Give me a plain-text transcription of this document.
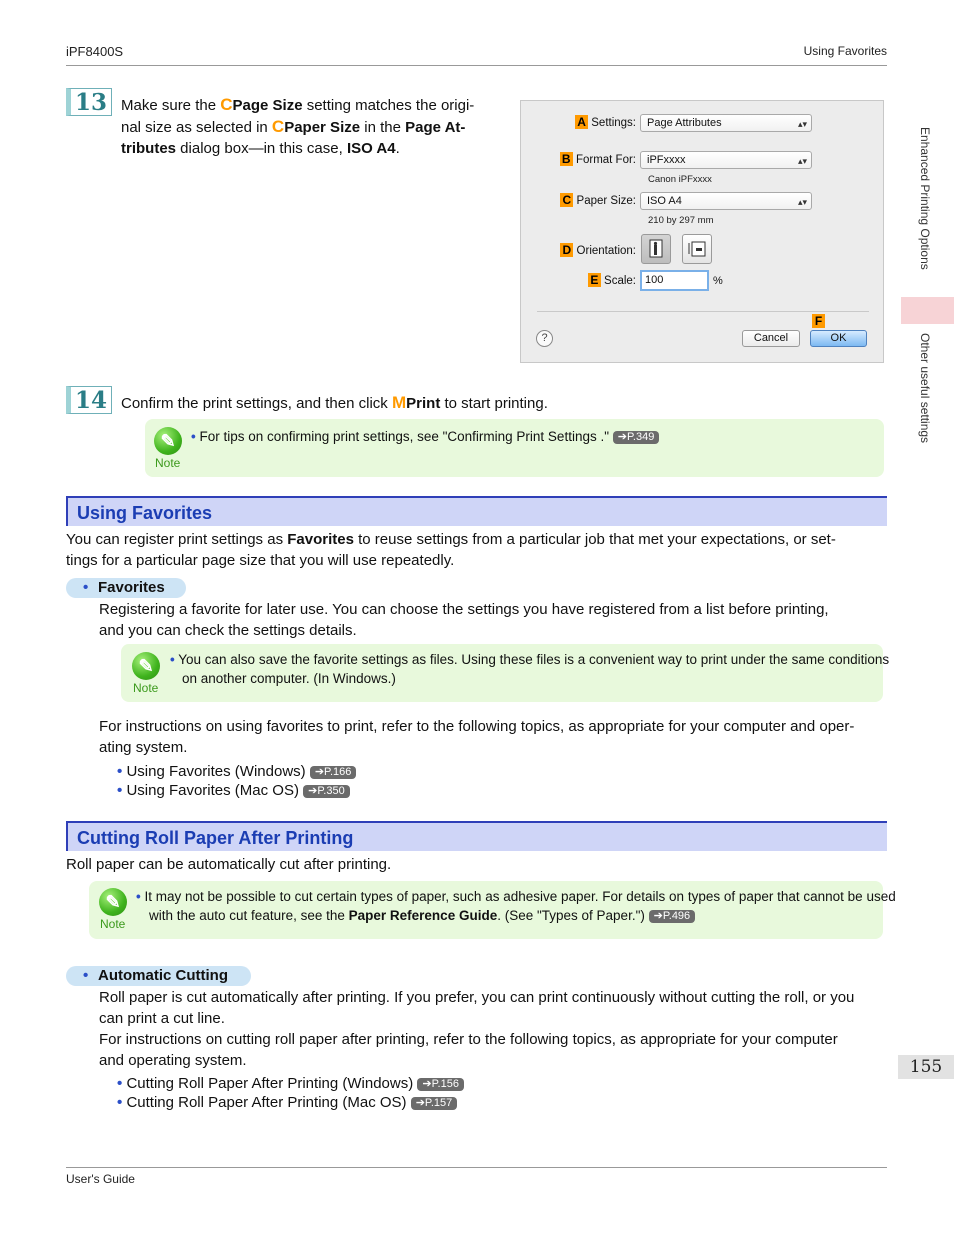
iPF8400S	Using Favorites
Enhanced Printing Options
Other useful settings
155
13 Make sure the CPage Size setting matches the origi-
nal size as selected in CPaper Size in the Page At-
tributes dialog box—in this case, ISO A4.
A Settings:	Page Attributes	▴▾
B Format For:	iPFxxxx	▴▾
Canon iPFxxxx
C Paper Size:	ISO A4	▴▾
210 by 297 mm
D Orientation:
E Scale: 100	%
F
?	Cancel	OK
14 Confirm the print settings, and then click MPrint to start printing.
✎
Note
• For tips on confirming print settings, see "Confirming Print Settings ." ➔P.349
Using Favorites
You can register print settings as Favorites to reuse settings from a particular job that met your expectations, or set-
tings for a particular page size that you will use repeatedly.
• Favorites
Registering a favorite for later use. You can choose the settings you have registered from a list before printing,
and you can check the settings details.
✎
Note
• You can also save the favorite settings as files. Using these files is a convenient way to print under the same conditions
on another computer. (In Windows.)
For instructions on using favorites to print, refer to the following topics, as appropriate for your computer and oper-
ating system.
• Using Favorites (Windows) ➔P.166
• Using Favorites (Mac OS) ➔P.350
Cutting Roll Paper After Printing
Roll paper can be automatically cut after printing.
✎
Note
• It may not be possible to cut certain types of paper, such as adhesive paper. For details on types of paper that cannot be used
with the auto cut feature, see the Paper Reference Guide. (See "Types of Paper.") ➔P.496
• Automatic Cutting
Roll paper is cut automatically after printing. If you prefer, you can print continuously without cutting the roll, or you
can print a cut line.
For instructions on cutting roll paper after printing, refer to the following topics, as appropriate for your computer
and operating system.
• Cutting Roll Paper After Printing (Windows) ➔P.156
• Cutting Roll Paper After Printing (Mac OS) ➔P.157
User's Guide
